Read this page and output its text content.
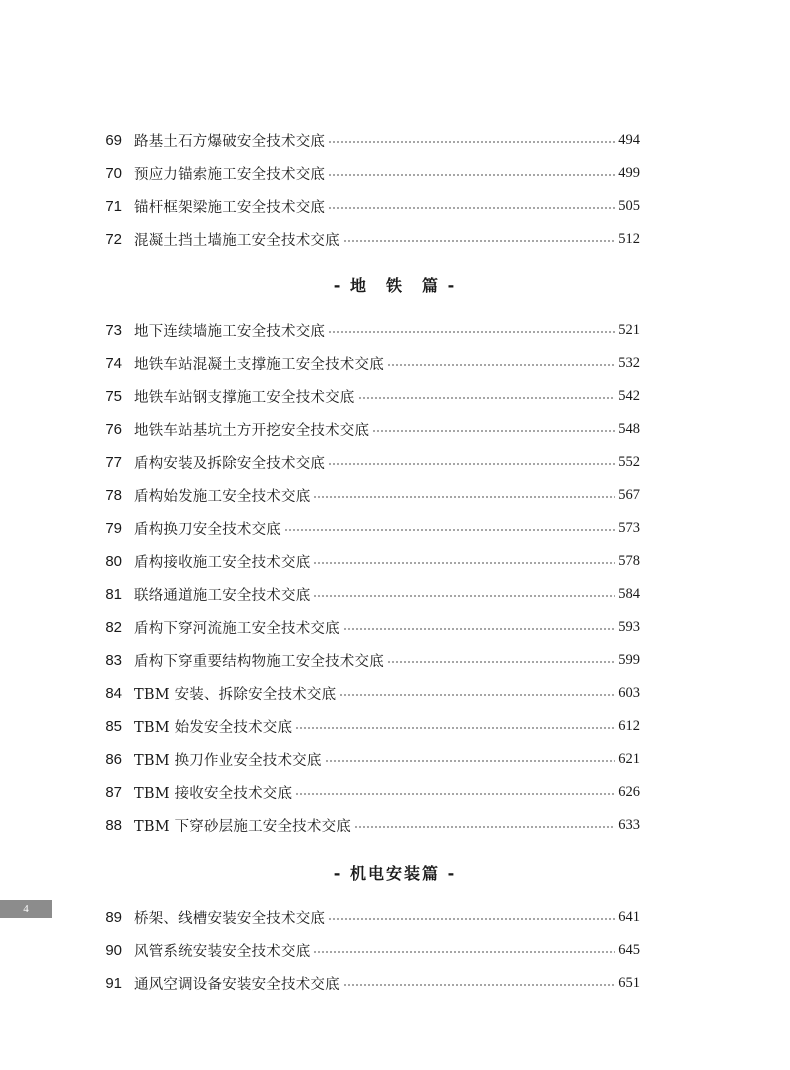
69 路基土石方爆破安全技术交底	494
70 预应力锚索施工安全技术交底	499
71 锚杆框架梁施工安全技术交底	505
72 混凝土挡土墙施工安全技术交底	512
73 地下连续墙施工安全技术交底	521
74 地铁车站混凝土支撑施工安全技术交底	532
75 地铁车站钢支撑施工安全技术交底	542
76 地铁车站基坑土方开挖安全技术交底	548
77 盾构安装及拆除安全技术交底	552
78 盾构始发施工安全技术交底	567
79 盾构换刀安全技术交底	573
80 盾构接收施工安全技术交底	578
81 联络通道施工安全技术交底	584
82 盾构下穿河流施工安全技术交底	593
83 盾构下穿重要结构物施工安全技术交底	599
84 TBM 安装、拆除安全技术交底	603
85 TBM 始发安全技术交底	612
86 TBM 换刀作业安全技术交底	621
87 TBM 接收安全技术交底	626
88 TBM 下穿砂层施工安全技术交底	633
89 桥架、线槽安装安全技术交底	641
90 风管系统安装安全技术交底	645
91 通风空调设备安装安全技术交底	651
- 地　铁　篇 -
- 机电安装篇 -
4
